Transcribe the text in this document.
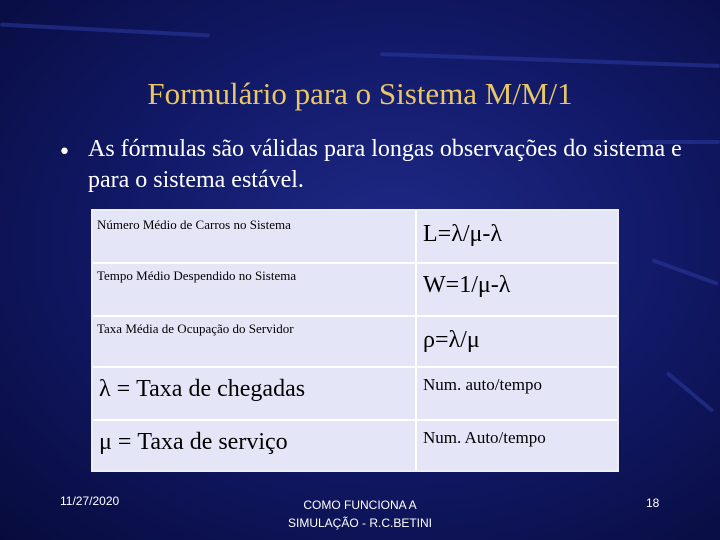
Formulário para o Sistema M/M/1
• As fórmulas são válidas para longas observações do sistema e para o sistema estável.
Número Médio de Carros no Sistema	L=λ/μ-λ
Tempo Médio Despendido no Sistema	W=1/μ-λ
Taxa Média de Ocupação do Servidor	ρ=λ/μ
λ = Taxa de chegadas	Num. auto/tempo
μ = Taxa de serviço	Num. Auto/tempo
11/27/2020	COMO FUNCIONA A
SIMULAÇÃO - R.C.BETINI
18
